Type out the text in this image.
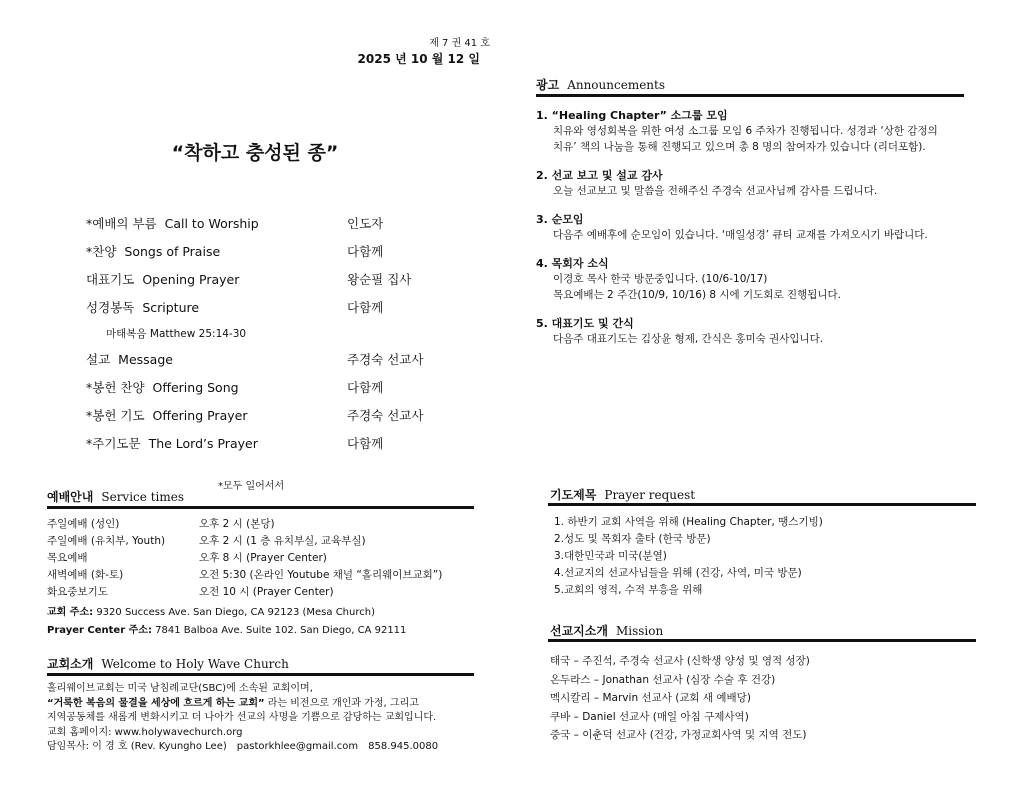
제 7 권 41 호
2025 년 10 월 12 일
“착하고 충성된 종”
*예배의 부름 Call to Worship	인도자
*찬양 Songs of Praise	다함께
대표기도 Opening Prayer	왕순필 집사
성경봉독 Scripture	다함께
마태복음 Matthew 25:14-30
설교 Message	주경숙 선교사
*봉헌 찬양 Offering Song	다함께
*봉헌 기도 Offering Prayer	주경숙 선교사
*주기도문 The Lord’s Prayer	다함께
*모두 일어서서
예배안내 Service times
주일예배 (성인)	오후 2 시 (본당)
주일예배 (유치부, Youth)	오후 2 시 (1 층 유치부실, 교육부실)
목요예배	오후 8 시 (Prayer Center)
새벽예배 (화-토)	오전 5:30 (온라인 Youtube 채널 “홀리웨이브교회”)
화요중보기도	오전 10 시 (Prayer Center)
교회 주소: 9320 Success Ave. San Diego, CA 92123 (Mesa Church)
Prayer Center 주소: 7841 Balboa Ave. Suite 102. San Diego, CA 92111
교회소개 Welcome to Holy Wave Church
홀리웨이브교회는 미국 남침례교단(SBC)에 소속된 교회이며,
“거룩한 복음의 물결을 세상에 흐르게 하는 교회” 라는 비전으로 개인과 가정, 그리고
지역공동체를 새롭게 변화시키고 더 나아가 선교의 사명을 기쁨으로 감당하는 교회입니다.
교회 홈페이지: www.holywavechurch.org
담임목사: 이 경 호 (Rev. Kyungho Lee) pastorkhlee@gmail.com 858.945.0080
광고 Announcements
1. “Healing Chapter” 소그룹 모임
치유와 영성회복을 위한 여성 소그룹 모임 6 주차가 진행됩니다. 성경과 ‘상한 감정의
치유’ 책의 나눔을 통해 진행되고 있으며 총 8 명의 참여자가 있습니다 (리더포함).
2. 선교 보고 및 설교 감사
오늘 선교보고 및 말씀을 전해주신 주경숙 선교사님께 감사를 드립니다.
3. 순모임
다음주 예배후에 순모임이 있습니다. ‘매일성경’ 큐티 교재를 가져오시기 바랍니다.
4. 목회자 소식
이경호 목사 한국 방문중입니다. (10/6-10/17)
목요예배는 2 주간(10/9, 10/16) 8 시에 기도회로 진행됩니다.
5. 대표기도 및 간식
다음주 대표기도는 김상윤 형제, 간식은 홍미숙 권사입니다.
기도제목 Prayer request
1. 하반기 교회 사역을 위해 (Healing Chapter, 땡스기빙)
2.성도 및 목회자 출타 (한국 방문)
3.대한민국과 미국(분열)
4.선교지의 선교사님들을 위해 (건강, 사역, 미국 방문)
5.교회의 영적, 수적 부흥을 위해
선교지소개 Mission
태국 – 주진석, 주경숙 선교사 (신학생 양성 및 영적 성장)
온두라스 – Jonathan 선교사 (심장 수술 후 건강)
멕시칼리 – Marvin 선교사 (교회 새 예배당)
쿠바 – Daniel 선교사 (매일 아침 구제사역)
중국 – 이춘덕 선교사 (건강, 가정교회사역 및 지역 전도)
